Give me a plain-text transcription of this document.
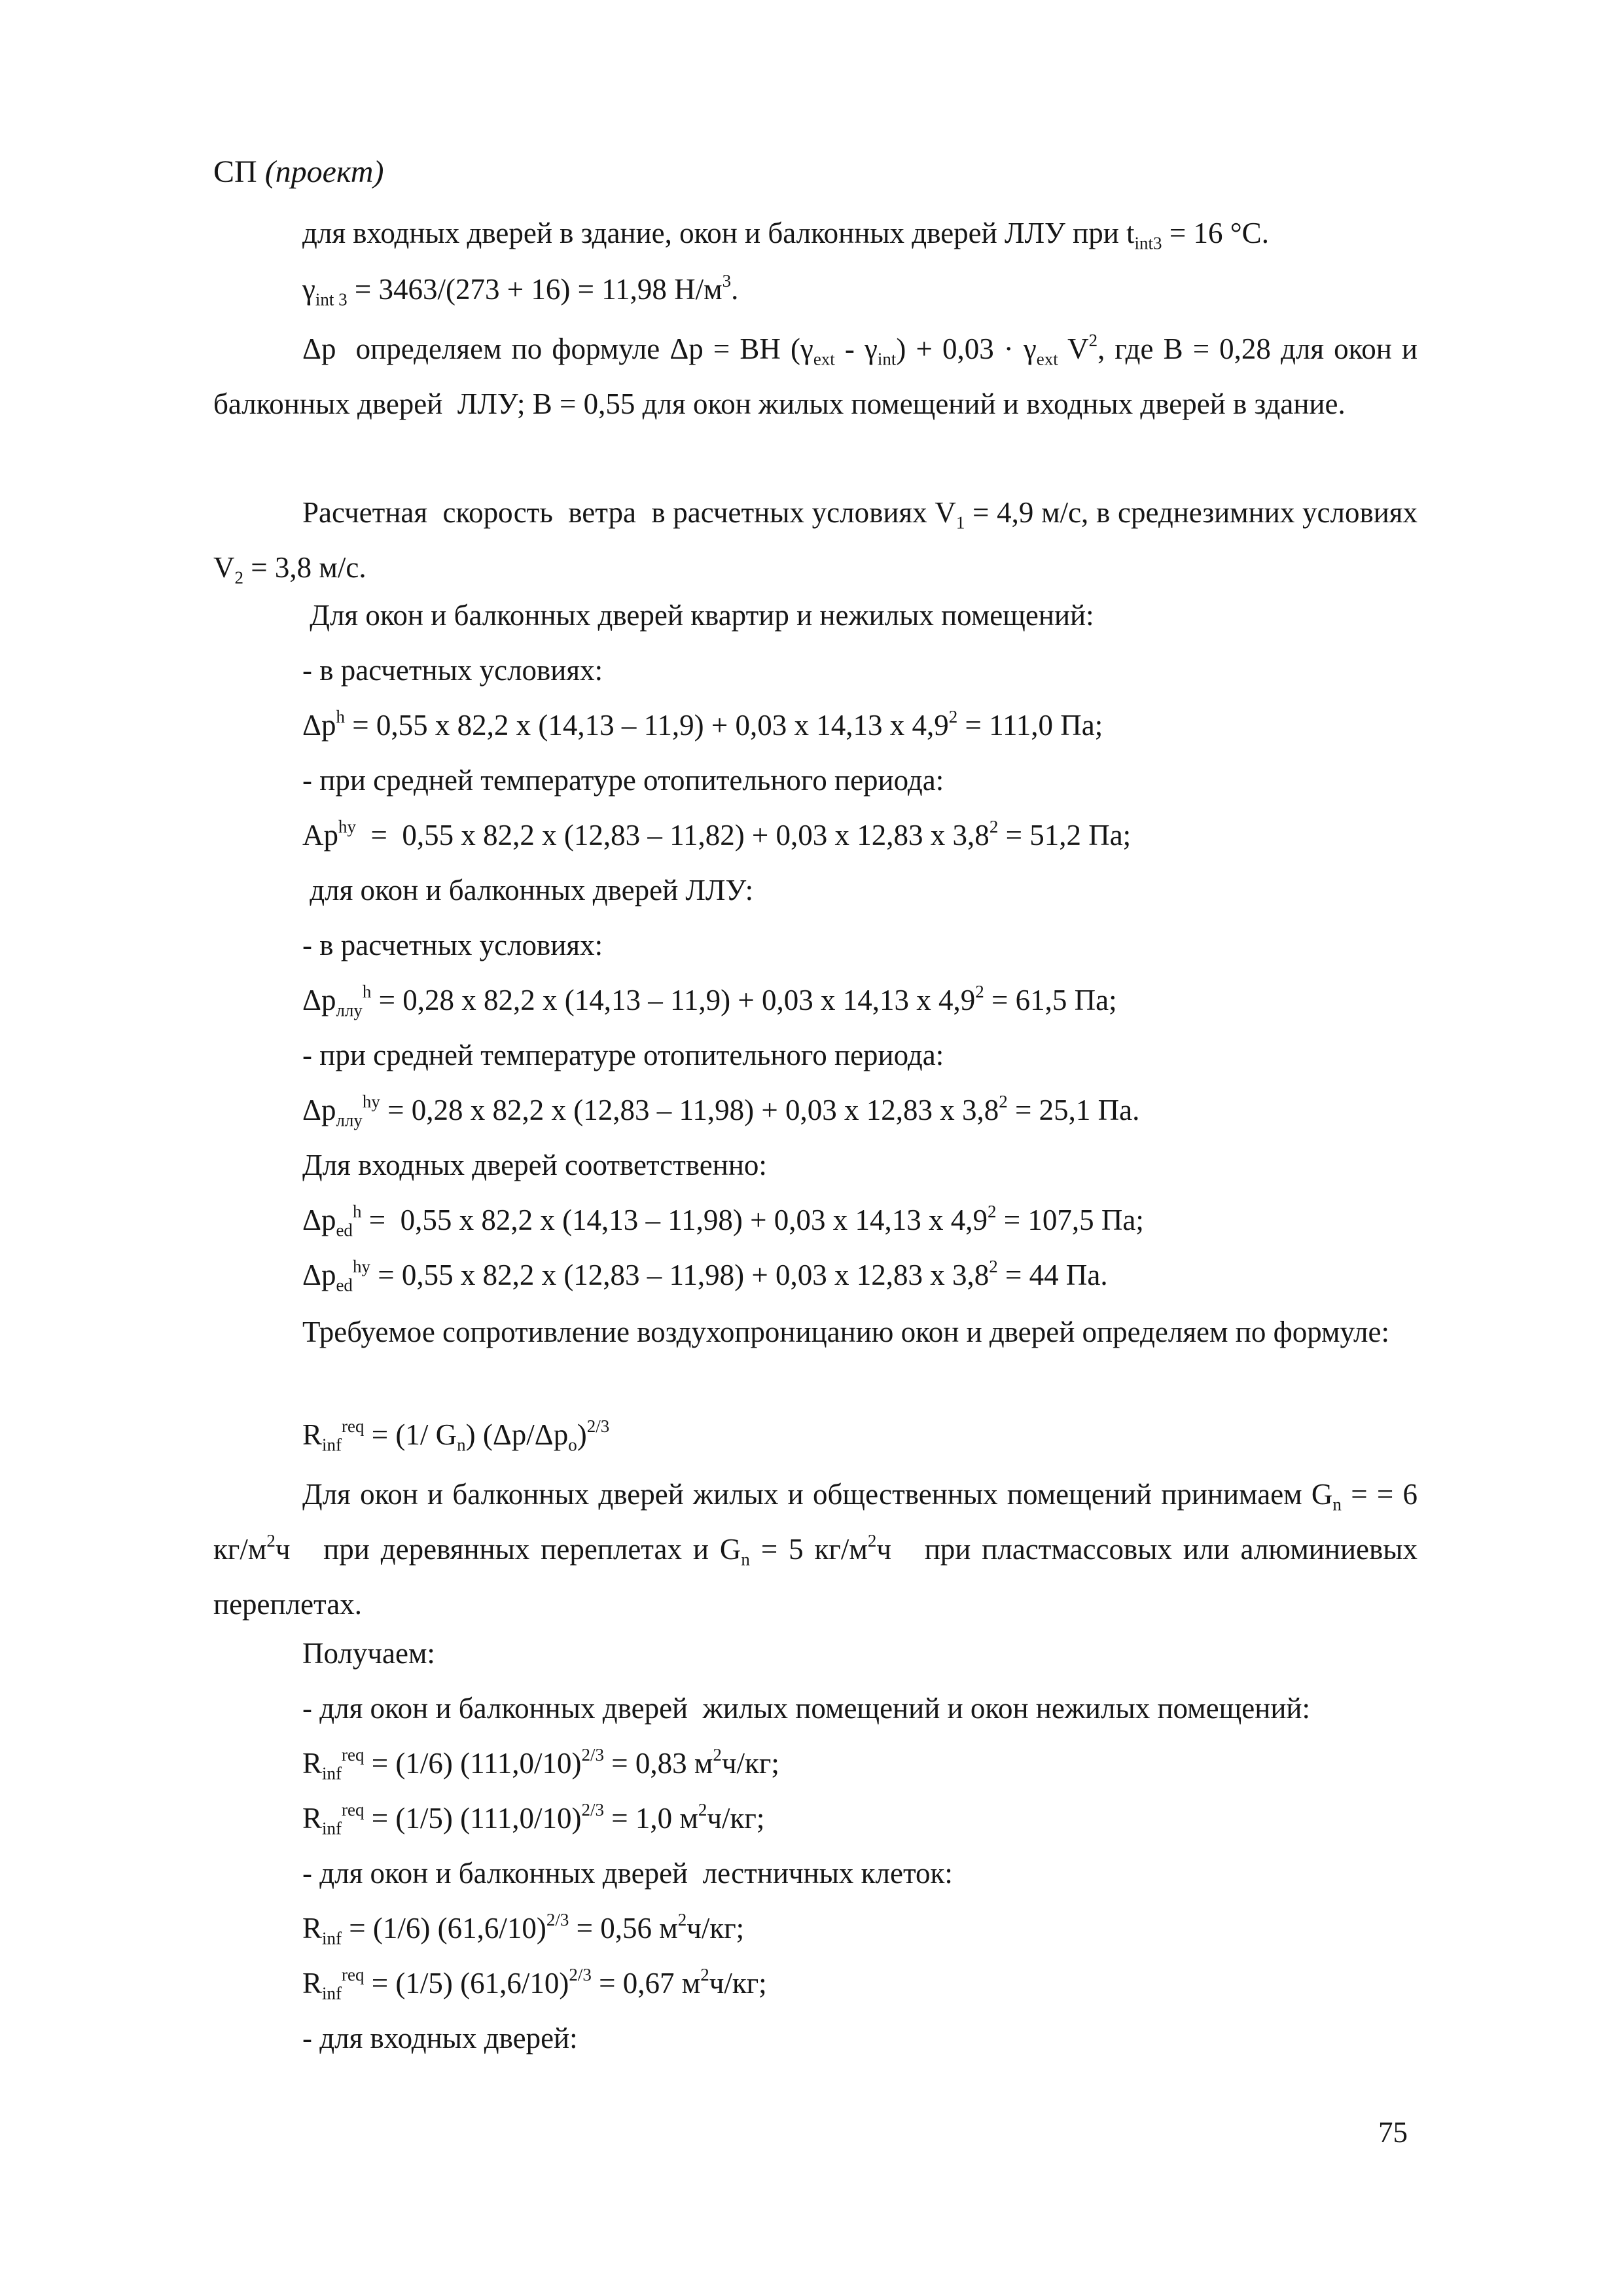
СП (проект)
для входных дверей в здание, окон и балконных дверей ЛЛУ при $t_{int3} = 16$ °C.
$\gamma_{int 3} = 3463/(273 + 16) = 11,98$ $Н/м^3$.
Δp  определяем по формуле Δp = BH $(\gamma_{ext} - \gamma_{int}) + 0,03 \cdot \gamma_{ext}$ $V^2$, где B = 0,28 для окон и балконных дверей  ЛЛУ; B = 0,55 для окон жилых помещений и входных дверей в здание.
Расчетная  скорость  ветра  в расчетных условиях $V_1 = 4,9$ м/с, в среднезимних условиях $V_2 = 3,8$ м/с.
Для окон и балконных дверей квартир и нежилых помещений:
- в расчетных условиях:
$\Delta p^h = 0,55$ x 82,2 x (14,13 – 11,9) + 0,03 x 14,13 x $4,9^2 = 111,0$ Па;
- при средней температуре отопительного периода:
$Ap^{hy} = 0,55$ x 82,2 x (12,83 – 11,82) + 0,03 x 12,83 x $3,8^2 = 51,2$ Па;
для окон и балконных дверей ЛЛУ:
- в расчетных условиях:
$\Delta p_{ллу}^h = 0,28$ x 82,2 x (14,13 – 11,9) + 0,03 x 14,13 x $4,9^2 = 61,5$ Па;
- при средней температуре отопительного периода:
$\Delta p_{ллу}^{hy} = 0,28$ x 82,2 x (12,83 – 11,98) + 0,03 x 12,83 x $3,8^2 = 25,1$ Па.
Для входных дверей соответственно:
$\Delta p_{ed}^h = 0,55$ x 82,2 x (14,13 – 11,98) + 0,03 x 14,13 x $4,9^2 = 107,5$ Па;
$\Delta p_{ed}^{hy} = 0,55$ x 82,2 x (12,83 – 11,98) + 0,03 x 12,83 x $3,8^2 = 44$ Па.
Требуемое сопротивление воздухопроницанию окон и дверей определяем по формуле:
$R_{inf}^{req} = (1/$ $G_n$) $(\Delta p/\Delta p_o)^{2/3}$
Для окон и балконных дверей жилых и общественных помещений принимаем $G_n$ = = 6 $кг/м^2ч$   при деревянных переплетах и $G_n = 5$ $кг/м^2ч$   при пластмассовых или алюминиевых переплетах.
Получаем:
- для окон и балконных дверей  жилых помещений и окон нежилых помещений:
$R_{inf}^{req} = (1/6) (111,0/10)^{2/3} = 0,83$ $м^2ч/кг$;
$R_{inf}^{req} = (1/5) (111,0/10)^{2/3} = 1,0$ $м^2ч/кг$;
- для окон и балконных дверей  лестничных клеток:
$R_{inf} = (1/6) (61,6/10)^{2/3} = 0,56$ $м^2ч/кг$;
$R_{inf}^{req} = (1/5) (61,6/10)^{2/3} = 0,67$ $м^2ч/кг$;
- для входных дверей:
75
